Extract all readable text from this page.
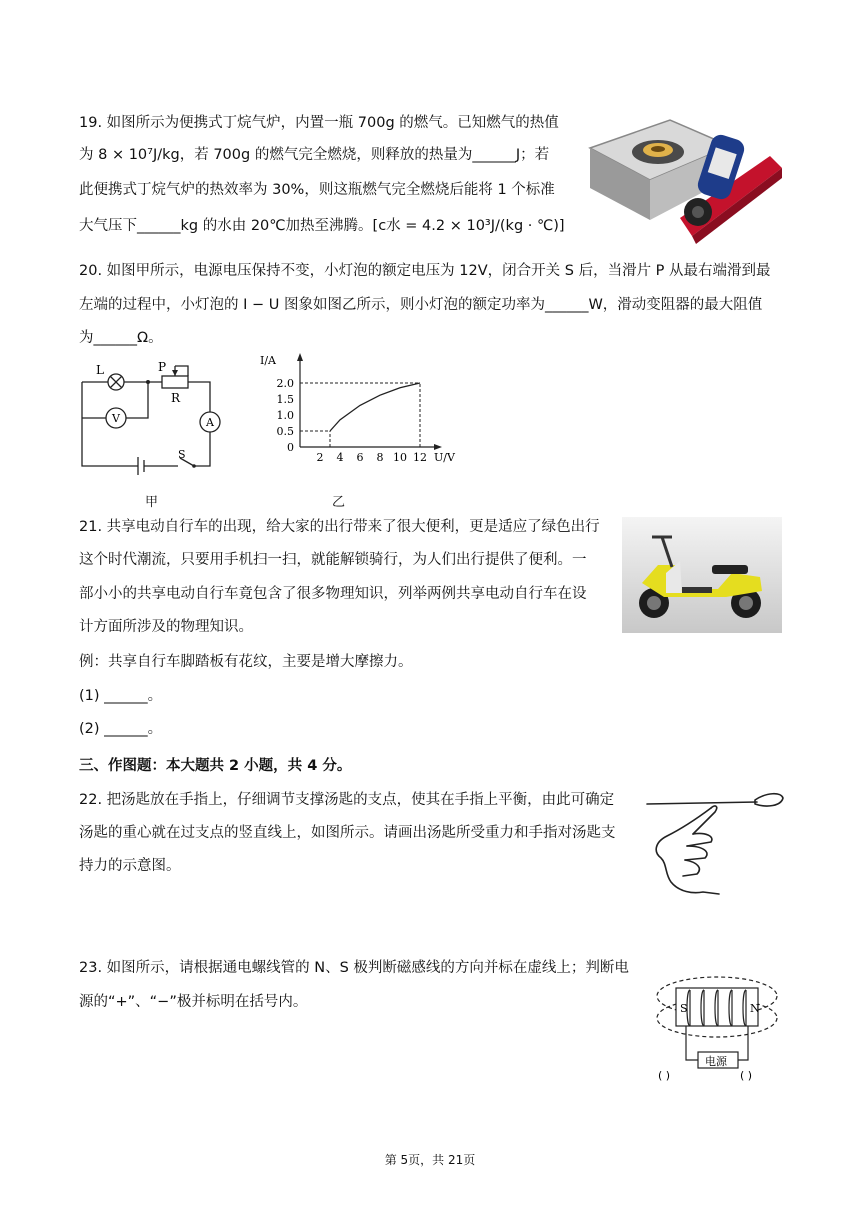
19. 如图所示为便携式丁烷气炉，内置一瓶 700g 的燃气。已知燃气的热值
为 8 × 10⁷J/kg，若 700g 的燃气完全燃烧，则释放的热量为______J；若
此便携式丁烷气炉的热效率为 30%，则这瓶燃气完全燃烧后能将 1 个标准
大气压下______kg 的水由 20℃加热至沸腾。[c水 = 4.2 × 10³J/(kg · ℃)]
20. 如图甲所示，电源电压保持不变，小灯泡的额定电压为 12V，闭合开关 S 后，当滑片 P 从最右端滑到最
左端的过程中，小灯泡的 I − U 图象如图乙所示，则小灯泡的额定功率为______W，滑动变阻器的最大阻值
为______Ω。
L	P
R
V	A
S	2 4 6 8 10 12
0
0.5
1.0
1.5
2.0
U/V
I/A
甲	乙
21. 共享电动自行车的出现，给大家的出行带来了很大便利，更是适应了绿色出行
这个时代潮流，只要用手机扫一扫，就能解锁骑行，为人们出行提供了便利。一
部小小的共享电动自行车竟包含了很多物理知识，列举两例共享电动自行车在设
计方面所涉及的物理知识。
例：共享自行车脚踏板有花纹，主要是增大摩擦力。
(1) ______。
(2) ______。
三、作图题：本大题共 2 小题，共 4 分。
22. 把汤匙放在手指上，仔细调节支撑汤匙的支点，使其在手指上平衡，由此可确定
汤匙的重心就在过支点的竖直线上，如图所示。请画出汤匙所受重力和手指对汤匙支
持力的示意图。
23. 如图所示，请根据通电螺线管的 N、S 极判断磁感线的方向并标在虚线上；判断电
源的“+”、“−”极并标明在括号内。	S	N
电源
( )	( )
第 5页，共 21页
